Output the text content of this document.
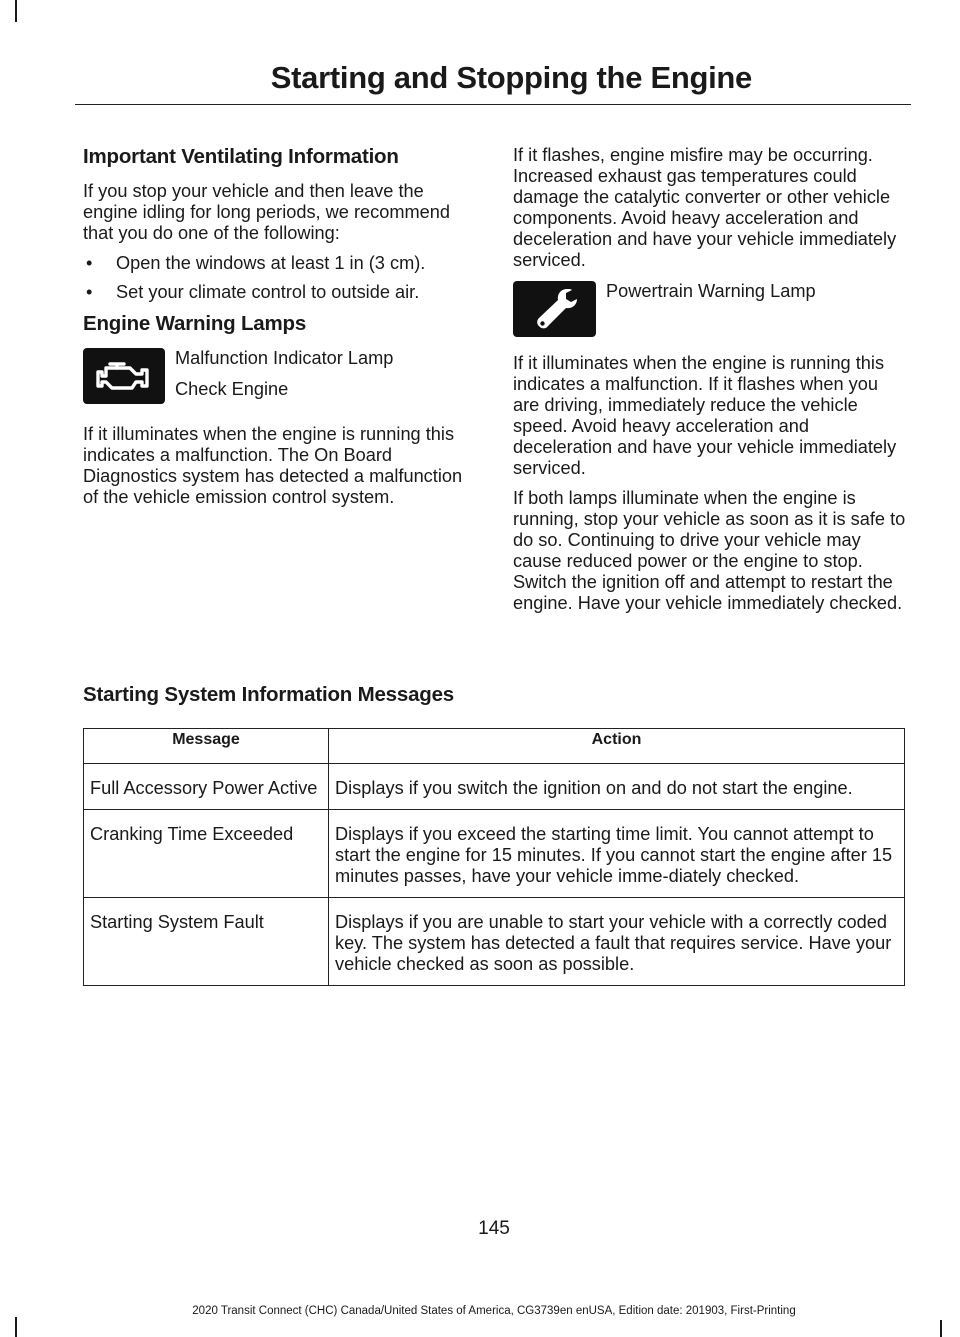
Starting and Stopping the Engine
Important Ventilating Information

If you stop your vehicle and then leave the engine idling for long periods, we recommend that you do one of the following:

• Open the windows at least 1 in (3 cm).
• Set your climate control to outside air.
Engine Warning Lamps

Malfunction Indicator Lamp

Check Engine

If it illuminates when the engine is running this indicates a malfunction. The On Board Diagnostics system has detected a malfunction of the vehicle emission control system.

If it flashes, engine misfire may be occurring. Increased exhaust gas temperatures could damage the catalytic converter or other vehicle components. Avoid heavy acceleration and deceleration and have your vehicle immediately serviced.

Powertrain Warning Lamp

If it illuminates when the engine is running this indicates a malfunction. If it flashes when you are driving, immediately reduce the vehicle speed. Avoid heavy acceleration and deceleration and have your vehicle immediately serviced.

If both lamps illuminate when the engine is running, stop your vehicle as soon as it is safe to do so. Continuing to drive your vehicle may cause reduced power or the engine to stop. Switch the ignition off and attempt to restart the engine. Have your vehicle immediately checked.

Starting System Information Messages
Message	Action
Full Accessory Power Active	Displays if you switch the ignition on and do not start the engine.
Cranking Time Exceeded	Displays if you exceed the starting time limit. You cannot attempt to start the engine for 15 minutes. If you cannot start the engine after 15 minutes passes, have your vehicle imme-diately checked.
Starting System Fault	Displays if you are unable to start your vehicle with a correctly coded key. The system has detected a fault that requires service. Have your vehicle checked as soon as possible.
145
2020 Transit Connect (CHC) Canada/United States of America, CG3739en enUSA, Edition date: 201903, First-Printing
